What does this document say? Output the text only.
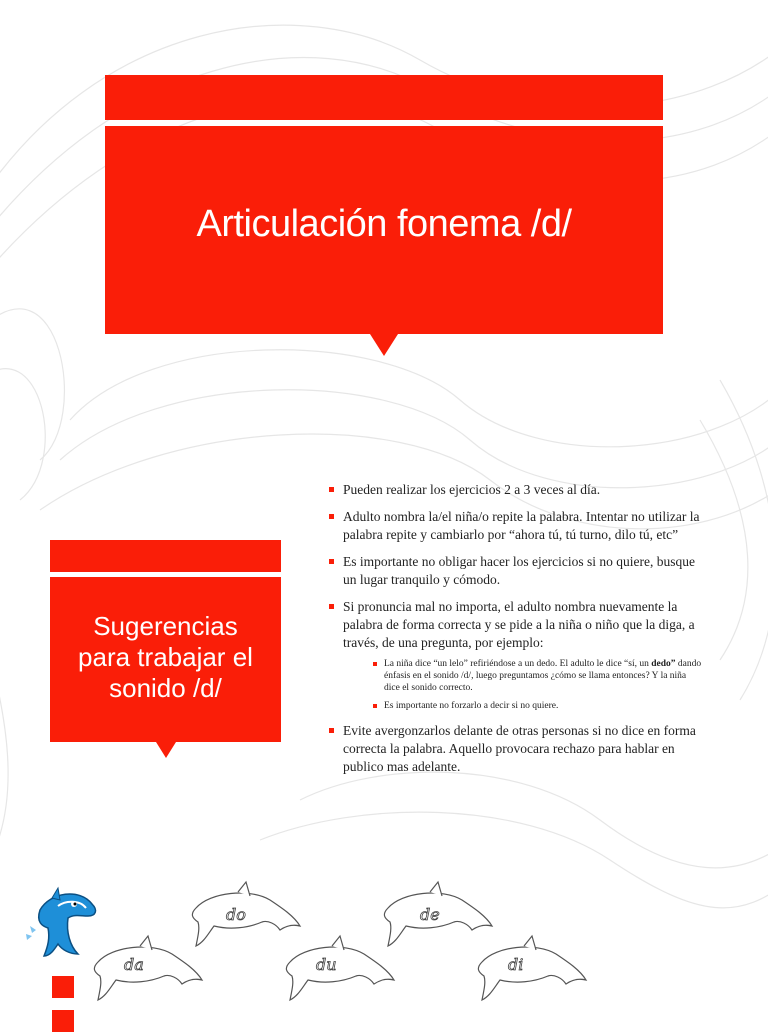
Articulación fonema /d/
Sugerencias
para trabajar el
sonido /d/
Pueden realizar los ejercicios 2 a 3 veces al día.
Adulto nombra la/el niña/o repite la palabra. Intentar no utilizar la palabra repite y cambiarlo por “ahora tú, tú turno, dilo tú, etc”
Es importante no obligar hacer los ejercicios si no quiere, busque un lugar tranquilo y cómodo.
Si pronuncia mal no importa, el adulto nombra nuevamente la palabra de forma correcta y se pide a la niña o niño que la diga, a través, de una pregunta, por ejemplo:
La niña dice “un lelo” refiriéndose a un dedo. El adulto le dice “sí, un dedo” dando énfasis en el sonido /d/, luego preguntamos ¿cómo se llama entonces? Y la niña dice el sonido correcto.
Es importante no forzarlo a decir si no quiere.
Evite avergonzarlos delante de otras personas si no dice en forma correcta la palabra. Aquello provocara rechazo para hablar en publico mas adelante.
do	de
da	du	di
